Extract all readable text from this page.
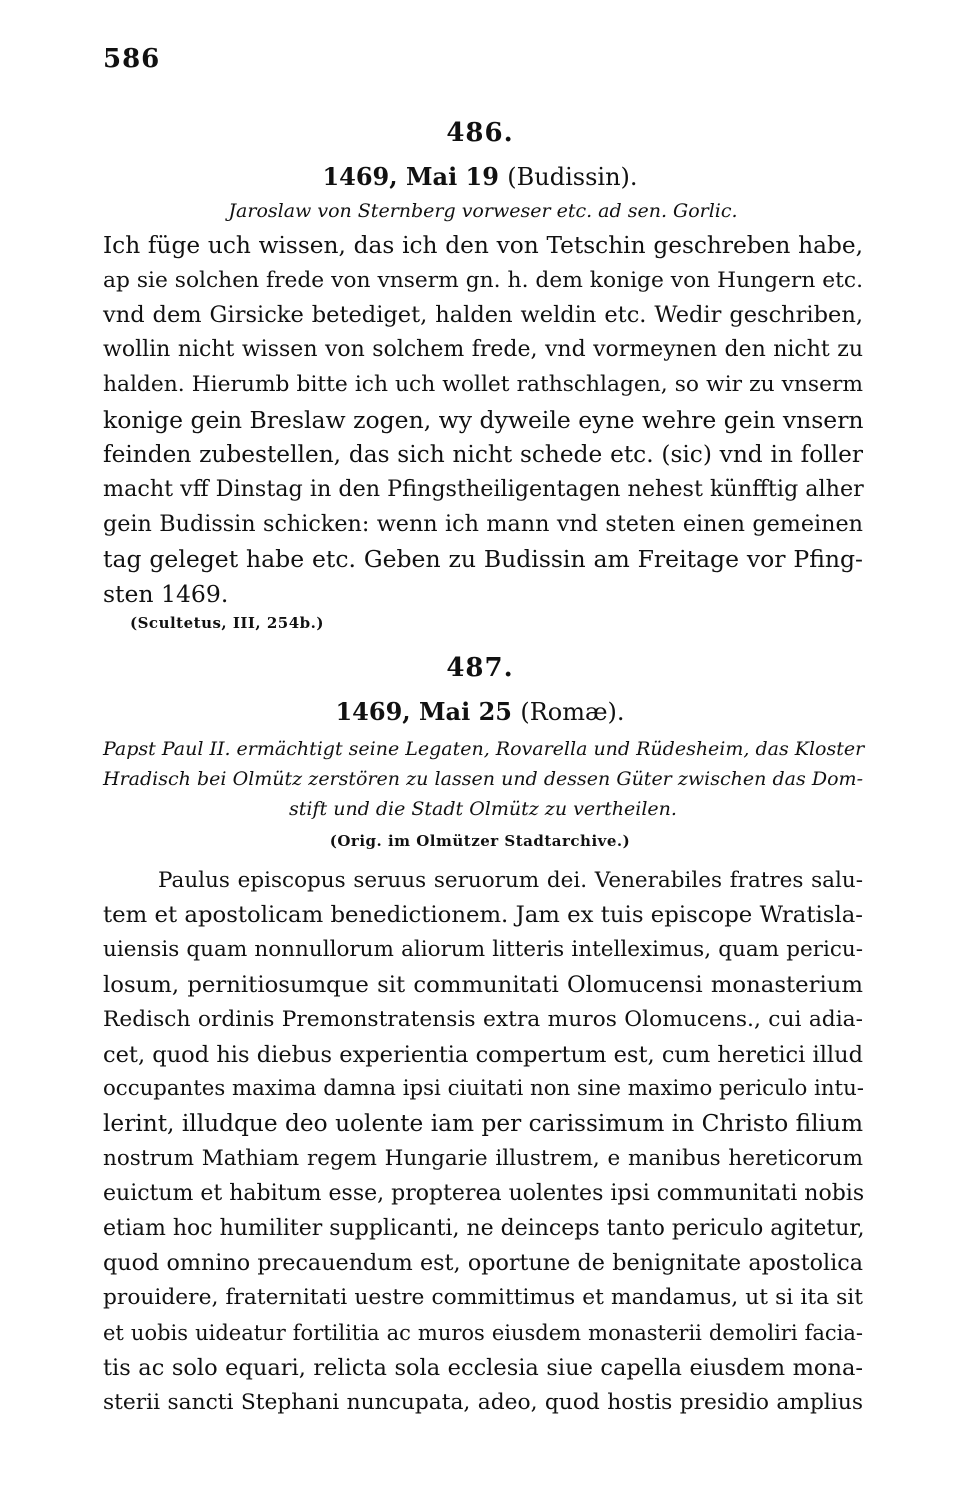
586
486.
1469, Mai 19 (Budissin).
Jaroslaw von Sternberg vorweser etc. ad sen. Gorlic.
Ich füge uch wissen, das ich den von Tetschin geschreben habe,
ap sie solchen frede von vnserm gn. h. dem konige von Hungern etc.
vnd dem Girsicke betediget, halden weldin etc. Wedir geschriben,
wollin nicht wissen von solchem frede, vnd vormeynen den nicht zu
halden. Hierumb bitte ich uch wollet rathschlagen, so wir zu vnserm
konige gein Breslaw zogen, wy dyweile eyne wehre gein vnsern
feinden zubestellen, das sich nicht schede etc. (sic) vnd in foller
macht vff Dinstag in den Pfingstheiligentagen nehest künfftig alher
gein Budissin schicken: wenn ich mann vnd steten einen gemeinen
tag geleget habe etc. Geben zu Budissin am Freitage vor Pfing-
sten 1469.
(Scultetus, III, 254b.)
487.
1469, Mai 25 (Romæ).
Papst Paul II. ermächtigt seine Legaten, Rovarella und Rüdesheim, das Kloster
Hradisch bei Olmütz zerstören zu lassen und dessen Güter zwischen das Dom-
stift und die Stadt Olmütz zu vertheilen.
(Orig. im Olmützer Stadtarchive.)
Paulus episcopus seruus seruorum dei. Venerabiles fratres salu-
tem et apostolicam benedictionem. Jam ex tuis episcope Wratisla-
uiensis quam nonnullorum aliorum litteris intelleximus, quam pericu-
losum, pernitiosumque sit communitati Olomucensi monasterium
Redisch ordinis Premonstratensis extra muros Olomucens., cui adia-
cet, quod his diebus experientia compertum est, cum heretici illud
occupantes maxima damna ipsi ciuitati non sine maximo periculo intu-
lerint, illudque deo uolente iam per carissimum in Christo filium
nostrum Mathiam regem Hungarie illustrem, e manibus hereticorum
euictum et habitum esse, propterea uolentes ipsi communitati nobis
etiam hoc humiliter supplicanti, ne deinceps tanto periculo agitetur,
quod omnino precauendum est, oportune de benignitate apostolica
prouidere, fraternitati uestre committimus et mandamus, ut si ita sit
et uobis uideatur fortilitia ac muros eiusdem monasterii demoliri facia-
tis ac solo equari, relicta sola ecclesia siue capella eiusdem mona-
sterii sancti Stephani nuncupata, adeo, quod hostis presidio amplius
